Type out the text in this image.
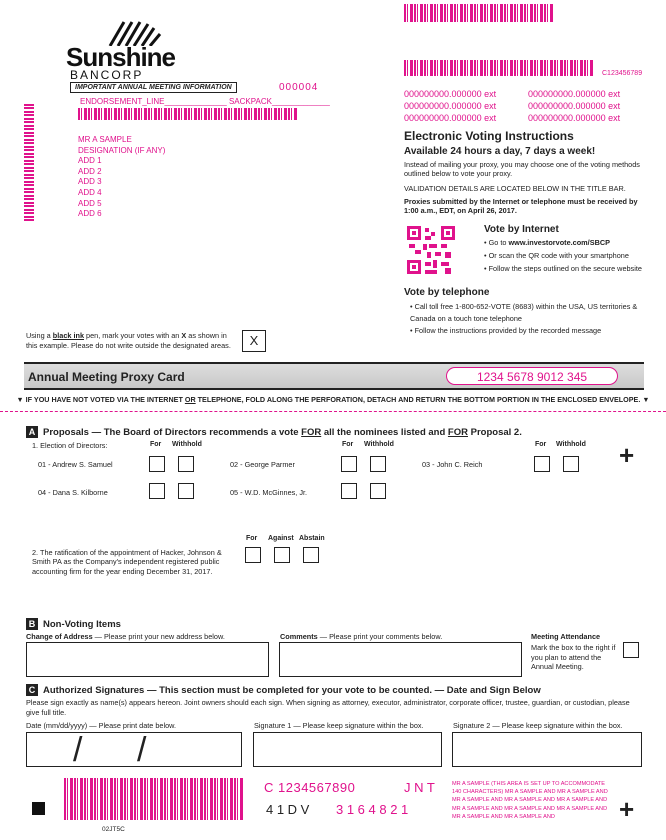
Sunshine
BANCORP
IMPORTANT ANNUAL MEETING INFORMATION	000004
ENDORSEMENT_LINE______________ SACKPACK_____________
MR A SAMPLE
DESIGNATION (IF ANY)
ADD 1
ADD 2
ADD 3
ADD 4
ADD 5
ADD 6
C123456789
000000000.000000 ext	000000000.000000 ext
000000000.000000 ext	000000000.000000 ext
000000000.000000 ext	000000000.000000 ext
Electronic Voting Instructions
Available 24 hours a day, 7 days a week!
Instead of mailing your proxy, you may choose one of the voting methods outlined below to vote your proxy.
VALIDATION DETAILS ARE LOCATED BELOW IN THE TITLE BAR.
Proxies submitted by the Internet or telephone must be received by 1:00 a.m., EDT, on April 26, 2017.
Vote by Internet
• Go to www.investorvote.com/SBCP
• Or scan the QR code with your smartphone
• Follow the steps outlined on the secure website
Vote by telephone
• Call toll free 1-800-652-VOTE (8683) within the USA, US territories & Canada on a touch tone telephone
• Follow the instructions provided by the recorded message
Using a black ink pen, mark your votes with an X as shown in this example. Please do not write outside the designated areas.	X
Annual Meeting Proxy Card	1234 5678 9012 345
▼ IF YOU HAVE NOT VOTED VIA THE INTERNET OR TELEPHONE, FOLD ALONG THE PERFORATION, DETACH AND RETURN THE BOTTOM PORTION IN THE ENCLOSED ENVELOPE. ▼
A Proposals — The Board of Directors recommends a vote FOR all the nominees listed and FOR Proposal 2.
1. Election of Directors:	For Withhold	For Withhold	For Withhold
01 - Andrew S. Samuel	02 - George Parmer	03 - John C. Reich	+
04 - Dana S. Kilborne	05 - W.D. McGinnes, Jr.
For Against Abstain
2. The ratification of the appointment of Hacker, Johnson & Smith PA as the Company's independent registered public accounting firm for the year ending December 31, 2017.
B Non-Voting Items
Change of Address — Please print your new address below.	Comments — Please print your comments below.	Meeting Attendance
Mark the box to the right if you plan to attend the Annual Meeting.
C Authorized Signatures — This section must be completed for your vote to be counted. — Date and Sign Below
Please sign exactly as name(s) appears hereon. Joint owners should each sign. When signing as attorney, executor, administrator, corporate officer, trustee, guardian, or custodian, please give full title.
Date (mm/dd/yyyy) — Please print date below.
/ /
Signature 1 — Please keep signature within the box.	Signature 2 — Please keep signature within the box.
02JT5C
C 1234567890	J N T
4 1 D V 3 1 6 4 8 2 1
MR A SAMPLE (THIS AREA IS SET UP TO ACCOMMODATE
140 CHARACTERS) MR A SAMPLE AND MR A SAMPLE AND
MR A SAMPLE AND MR A SAMPLE AND MR A SAMPLE AND
MR A SAMPLE AND MR A SAMPLE AND MR A SAMPLE AND
MR A SAMPLE AND MR A SAMPLE AND	+
